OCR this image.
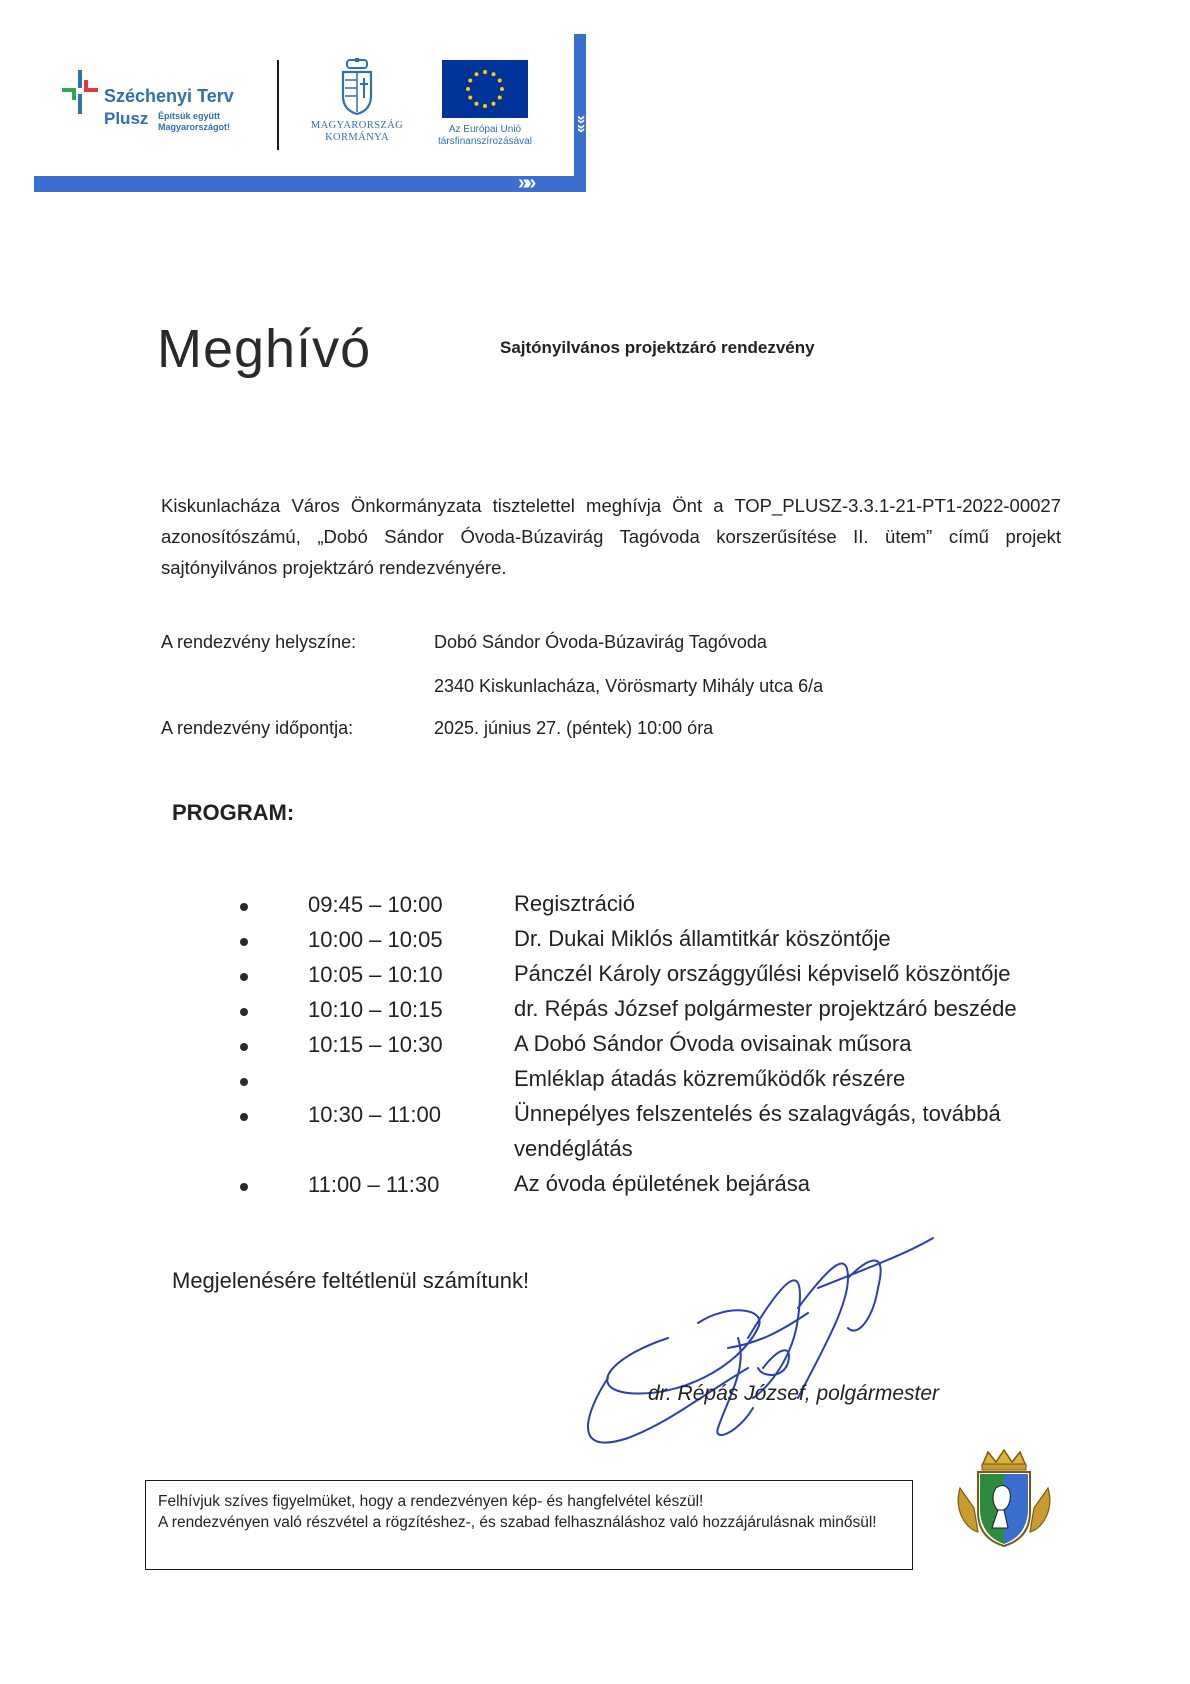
»»
»»
Széchenyi Terv
Plusz Építsük együtt Magyarországot!	MAGYARORSZÁG
KORMÁNYA
Az Európai Unió
társfinanszírozásával
Meghívó	Sajtónyilvános projektzáró rendezvény
Kiskunlacháza Város Önkormányzata tisztelettel meghívja Önt a TOP_PLUSZ-3.3.1-21-PT1-2022-00027 azonosítószámú, „Dobó Sándor Óvoda-Búzavirág Tagóvoda korszerűsítése II. ütem” című projekt sajtónyilvános projektzáró rendezvényére.
A rendezvény helyszíne:	Dobó Sándor Óvoda-Búzavirág Tagóvoda
2340 Kiskunlacháza, Vörösmarty Mihály utca 6/a
A rendezvény időpontja:	2025. június 27. (péntek) 10:00 óra
PROGRAM:
09:45 – 10:00	Regisztráció
10:00 – 10:05	Dr. Dukai Miklós államtitkár köszöntője
10:05 – 10:10	Pánczél Károly országgyűlési képviselő köszöntője
10:10 – 10:15	dr. Répás József polgármester projektzáró beszéde
10:15 – 10:30	A Dobó Sándor Óvoda ovisainak műsora
Emléklap átadás közreműködők részére
10:30 – 11:00	Ünnepélyes felszentelés és szalagvágás, továbbá vendéglátás
11:00 – 11:30	Az óvoda épületének bejárása
Megjelenésére feltétlenül számítunk!
dr. Répás József, polgármester

Felhívjuk szíves figyelmüket, hogy a rendezvényen kép- és hangfelvétel készül!

A rendezvényen való részvétel a rögzítéshez-, és szabad felhasználáshoz való hozzájárulásnak minősül!
